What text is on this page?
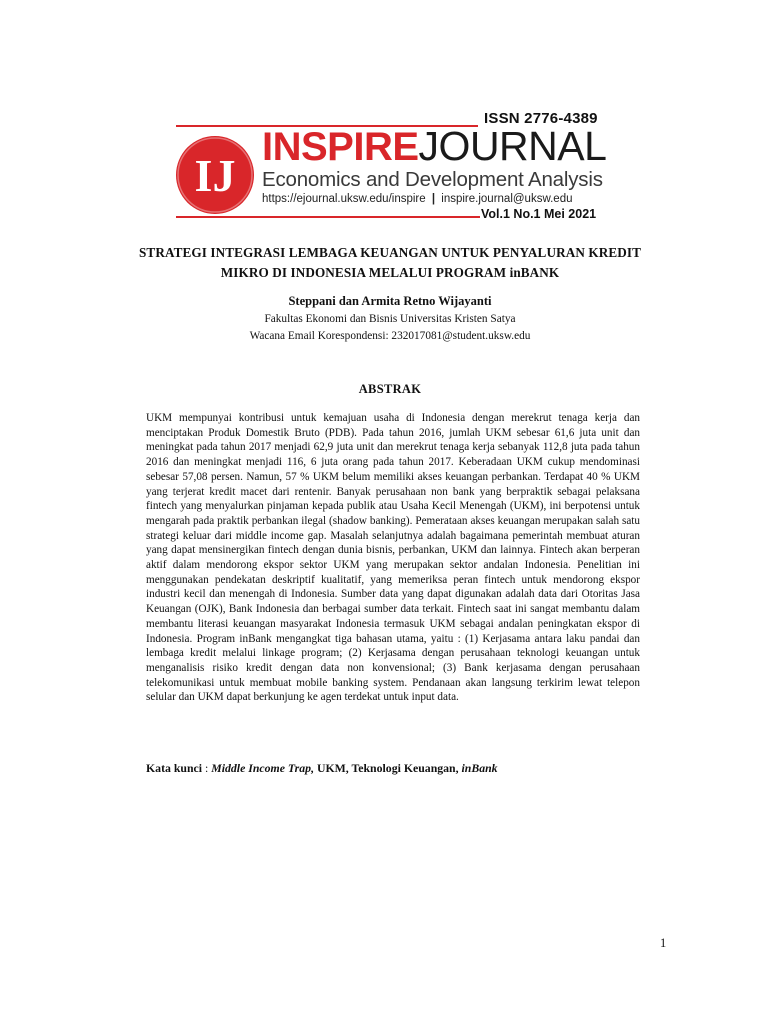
ISSN 2776-4389
IJ
INSPIREJOURNAL
Economics and Development Analysis
https://ejournal.uksw.edu/inspire | inspire.journal@uksw.edu
Vol.1 No.1 Mei 2021
STRATEGI INTEGRASI LEMBAGA KEUANGAN UNTUK PENYALURAN KREDIT MIKRO DI INDONESIA MELALUI PROGRAM inBANK
Steppani dan Armita Retno Wijayanti
Fakultas Ekonomi dan Bisnis Universitas Kristen Satya
Wacana Email Korespondensi: 232017081@student.uksw.edu
ABSTRAK

UKM mempunyai kontribusi untuk kemajuan usaha di Indonesia dengan merekrut tenaga kerja dan menciptakan Produk Domestik Bruto (PDB). Pada tahun 2016, jumlah UKM sebesar 61,6 juta unit dan meningkat pada tahun 2017 menjadi 62,9 juta unit dan merekrut tenaga kerja sebanyak 112,8 juta pada tahun 2016 dan meningkat menjadi 116, 6 juta orang pada tahun 2017. Keberadaan UKM cukup mendominasi sebesar 57,08 persen. Namun, 57 % UKM belum memiliki akses keuangan perbankan. Terdapat 40 % UKM yang terjerat kredit macet dari rentenir. Banyak perusahaan non bank yang berpraktik sebagai pelaksana fintech yang menyalurkan pinjaman kepada publik atau Usaha Kecil Menengah (UKM), ini berpotensi untuk mengarah pada praktik perbankan ilegal (shadow banking). Pemerataan akses keuangan merupakan salah satu strategi keluar dari middle income gap. Masalah selanjutnya adalah bagaimana pemerintah membuat aturan yang dapat mensinergikan fintech dengan dunia bisnis, perbankan, UKM dan lainnya. Fintech akan berperan aktif dalam mendorong ekspor sektor UKM yang merupakan sektor andalan Indonesia. Penelitian ini menggunakan pendekatan deskriptif kualitatif, yang memeriksa peran fintech untuk mendorong ekspor industri kecil dan menengah di Indonesia. Sumber data yang dapat digunakan adalah data dari Otoritas Jasa Keuangan (OJK), Bank Indonesia dan berbagai sumber data terkait. Fintech saat ini sangat membantu dalam membantu literasi keuangan masyarakat Indonesia termasuk UKM sebagai andalan peningkatan ekspor di Indonesia. Program inBank mengangkat tiga bahasan utama, yaitu : (1) Kerjasama antara laku pandai dan lembaga kredit melalui linkage program; (2) Kerjasama dengan perusahaan teknologi keuangan untuk menganalisis risiko kredit dengan data non konvensional; (3) Bank kerjasama dengan perusahaan telekomunikasi untuk membuat mobile banking system. Pendanaan akan langsung terkirim lewat telepon selular dan UKM dapat berkunjung ke agen terdekat untuk input data.

Kata kunci : Middle Income Trap, UKM, Teknologi Keuangan, inBank
1
